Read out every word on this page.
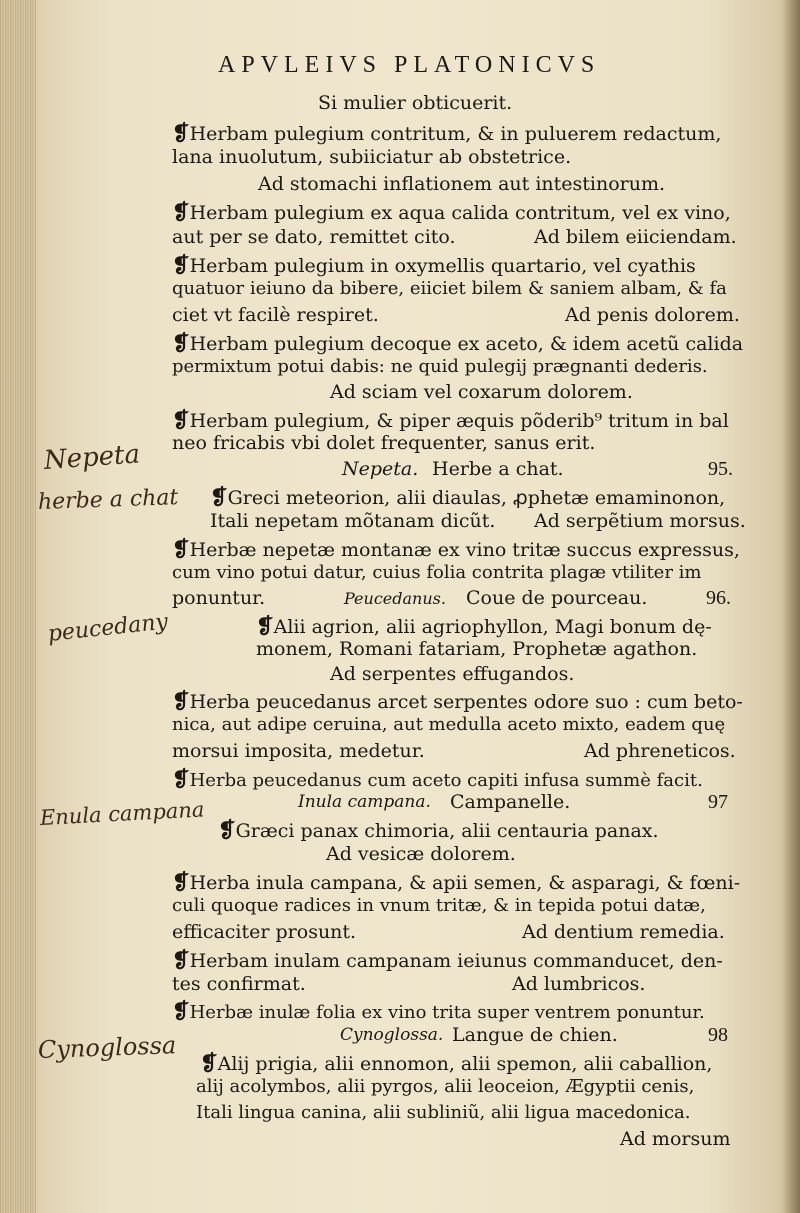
APVLEIVS PLATONICVS
Si mulier obticuerit.
❡Herbam pulegium contritum, & in puluerem redactum,
lana inuolutum, subiiciatur ab obstetrice.
Ad stomachi inflationem aut intestinorum.
❡Herbam pulegium ex aqua calida contritum, vel ex vino,
aut per se dato, remittet cito.	Ad bilem eiiciendam.
❡Herbam pulegium in oxymellis quartario, vel cyathis
quatuor ieiuno da bibere, eiiciet bilem & saniem albam, & fa
ciet vt facilè respiret.	Ad penis dolorem.
❡Herbam pulegium decoque ex aceto, & idem acetũ calida
permixtum potui dabis: ne quid pulegij prægnanti dederis.
Ad sciam vel coxarum dolorem.
❡Herbam pulegium, & piper æquis põderib⁹ tritum in bal
neo fricabis vbi dolet frequenter, sanus erit.
Nepeta. Herbe a chat.	95.
❡Greci meteorion, alii diaulas, ꝓphetæ emaminonon,
Itali nepetam mõtanam dicũt. Ad serpẽtium morsus.
❡Herbæ nepetæ montanæ ex vino tritæ succus expressus,
cum vino potui datur, cuius folia contrita plagæ vtiliter im
ponuntur.	Peucedanus. Coue de pourceau.	96.
❡Alii agrion, alii agriophyllon, Magi bonum dę-
monem, Romani fatariam, Prophetæ agathon.
Ad serpentes effugandos.
❡Herba peucedanus arcet serpentes odore suo : cum beto-
nica, aut adipe ceruina, aut medulla aceto mixto, eadem quę
morsui imposita, medetur.	Ad phreneticos.
❡Herba peucedanus cum aceto capiti infusa summè facit.
Inula campana. Campanelle.	97
❡Græci panax chimoria, alii centauria panax.
Ad vesicæ dolorem.
❡Herba inula campana, & apii semen, & asparagi, & fœni-
culi quoque radices in vnum tritæ, & in tepida potui datæ,
efficaciter prosunt.	Ad dentium remedia.
❡Herbam inulam campanam ieiunus commanducet, den-
tes confirmat.	Ad lumbricos.
❡Herbæ inulæ folia ex vino trita super ventrem ponuntur.
Cynoglossa. Langue de chien.	98
❡Alij prigia, alii ennomon, alii spemon, alii caballion,
alij acolymbos, alii pyrgos, alii leoceion, Ægyptii cenis,
Itali lingua canina, alii subliniũ, alii ligua macedonica.
Ad morsum
Nepeta
herbe a chat
peucedany
Enula campana
Cynoglossa
